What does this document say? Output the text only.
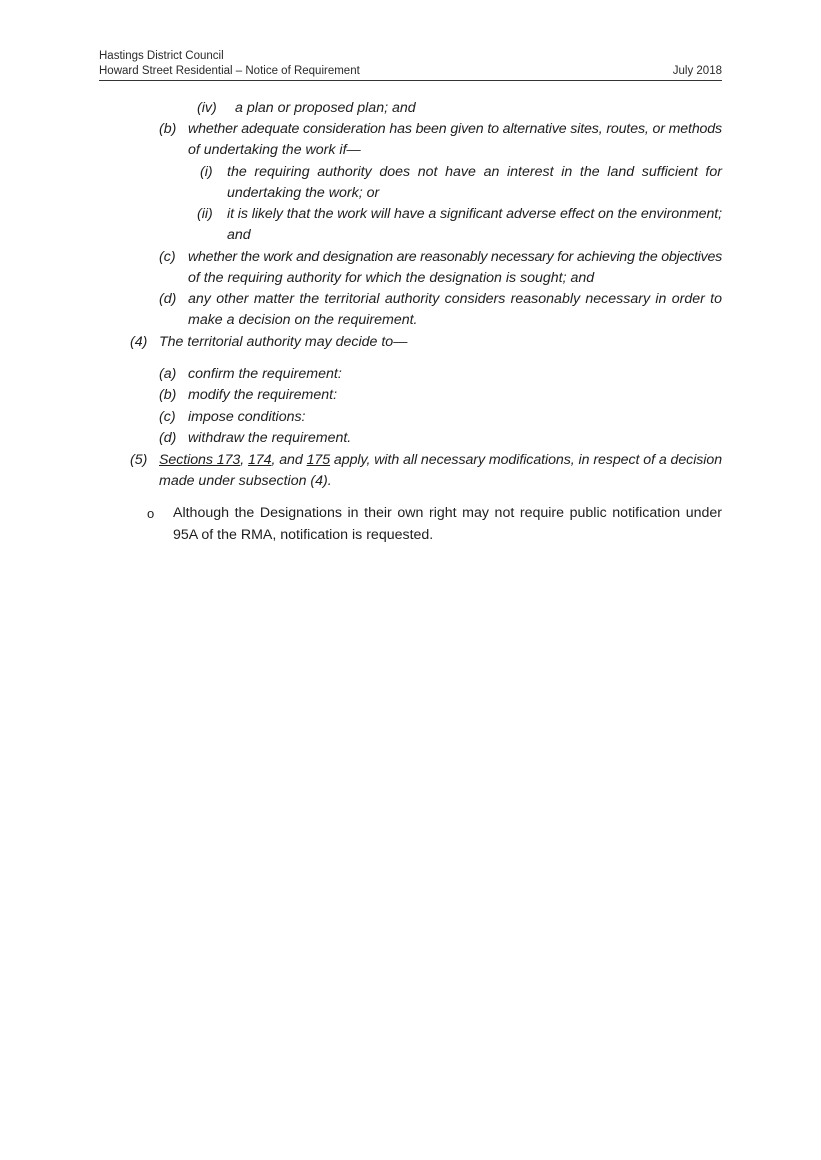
Hastings District Council
Howard Street Residential – Notice of Requirement	July 2018
(iv) a plan or proposed plan; and
(b) whether adequate consideration has been given to alternative sites, routes, or methods
of undertaking the work if—
(i) the requiring authority does not have an interest in the land sufficient for
undertaking the work; or
(ii) it is likely that the work will have a significant adverse effect on the environment;
and
(c) whether the work and designation are reasonably necessary for achieving the objectives
of the requiring authority for which the designation is sought; and
(d) any other matter the territorial authority considers reasonably necessary in order to
make a decision on the requirement.
(4) The territorial authority may decide to—
(a) confirm the requirement:
(b) modify the requirement:
(c) impose conditions:
(d) withdraw the requirement.
(5) Sections 173, 174, and 175 apply, with all necessary modifications, in respect of a decision
made under subsection (4).
o Although the Designations in their own right may not require public notification under
95A of the RMA, notification is requested.
